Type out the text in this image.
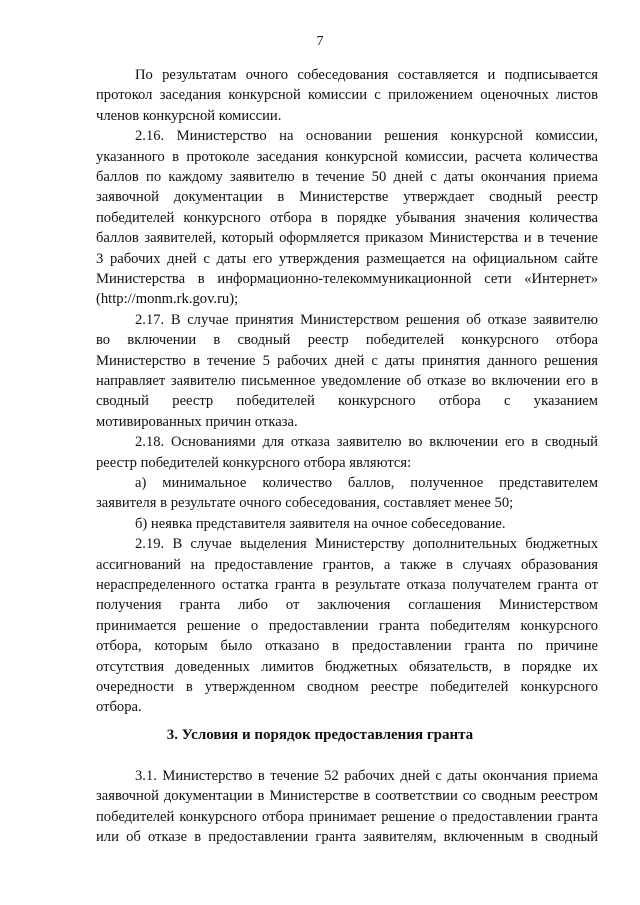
7
По результатам очного собеседования составляется и подписывается
протокол заседания конкурсной комиссии с приложением оценочных листов
членов конкурсной комиссии.
2.16. Министерство на основании решения конкурсной комиссии,
указанного в протоколе заседания конкурсной комиссии, расчета количества
баллов по каждому заявителю в течение 50 дней с даты окончания приема
заявочной документации в Министерстве утверждает сводный реестр
победителей конкурсного отбора в порядке убывания значения количества
баллов заявителей, который оформляется приказом Министерства и в течение
3 рабочих дней с даты его утверждения размещается на официальном сайте
Министерства в информационно-телекоммуникационной сети «Интернет»
(http://monm.rk.gov.ru);
2.17. В случае принятия Министерством решения об отказе заявителю
во включении в сводный реестр победителей конкурсного отбора
Министерство в течение 5 рабочих дней с даты принятия данного решения
направляет заявителю письменное уведомление об отказе во включении его в
сводный реестр победителей конкурсного отбора с указанием
мотивированных причин отказа.
2.18. Основаниями для отказа заявителю во включении его в сводный
реестр победителей конкурсного отбора являются:
а) минимальное количество баллов, полученное представителем
заявителя в результате очного собеседования, составляет менее 50;
б) неявка представителя заявителя на очное собеседование.
2.19. В случае выделения Министерству дополнительных бюджетных
ассигнований на предоставление грантов, а также в случаях образования
нераспределенного остатка гранта в результате отказа получателем гранта от
получения гранта либо от заключения соглашения Министерством
принимается решение о предоставлении гранта победителям конкурсного
отбора, которым было отказано в предоставлении гранта по причине
отсутствия доведенных лимитов бюджетных обязательств, в порядке их
очередности в утвержденном сводном реестре победителей конкурсного
отбора.
3. Условия и порядок предоставления гранта
3.1. Министерство в течение 52 рабочих дней с даты окончания приема
заявочной документации в Министерстве в соответствии со сводным реестром
победителей конкурсного отбора принимает решение о предоставлении гранта
или об отказе в предоставлении гранта заявителям, включенным в сводный
